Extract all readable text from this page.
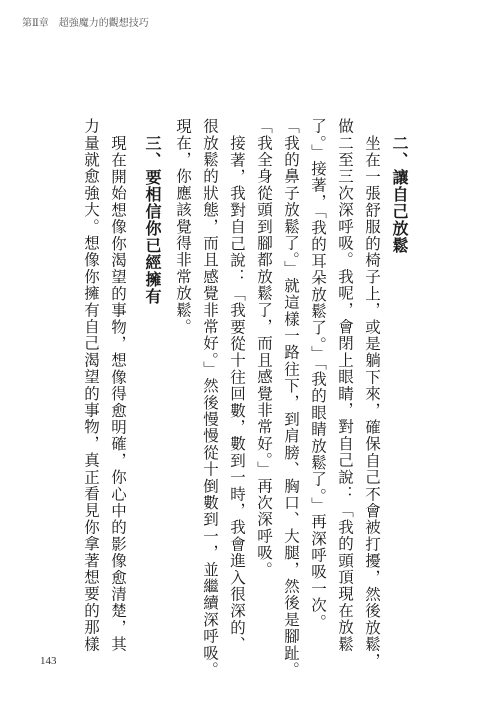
第Ⅱ章　超強魔力的觀想技巧
二、讓自己放鬆
坐在一張舒服的椅子上，或是躺下來，確保自己不會被打擾，然後放鬆，
做二至三次深呼吸。我呢，會閉上眼睛，對自己說：「我的頭頂現在放鬆
了。」接著，「我的耳朵放鬆了。」「我的眼睛放鬆了。」再深呼吸一次。
「我的鼻子放鬆了。」就這樣一路往下，到肩膀、胸口、大腿，然後是腳趾。
「我全身從頭到腳都放鬆了，而且感覺非常好。」再次深呼吸。
接著，我對自己說：「我要從十往回數，數到一時，我會進入很深的、
很放鬆的狀態，而且感覺非常好。」然後慢慢從十倒數到一，並繼續深呼吸。
現在，你應該覺得非常放鬆。
三、要相信你已經擁有
現在開始想像你渴望的事物，想像得愈明確，你心中的影像愈清楚，其
力量就愈強大。想像你擁有自己渴望的事物，真正看見你拿著想要的那樣
143
